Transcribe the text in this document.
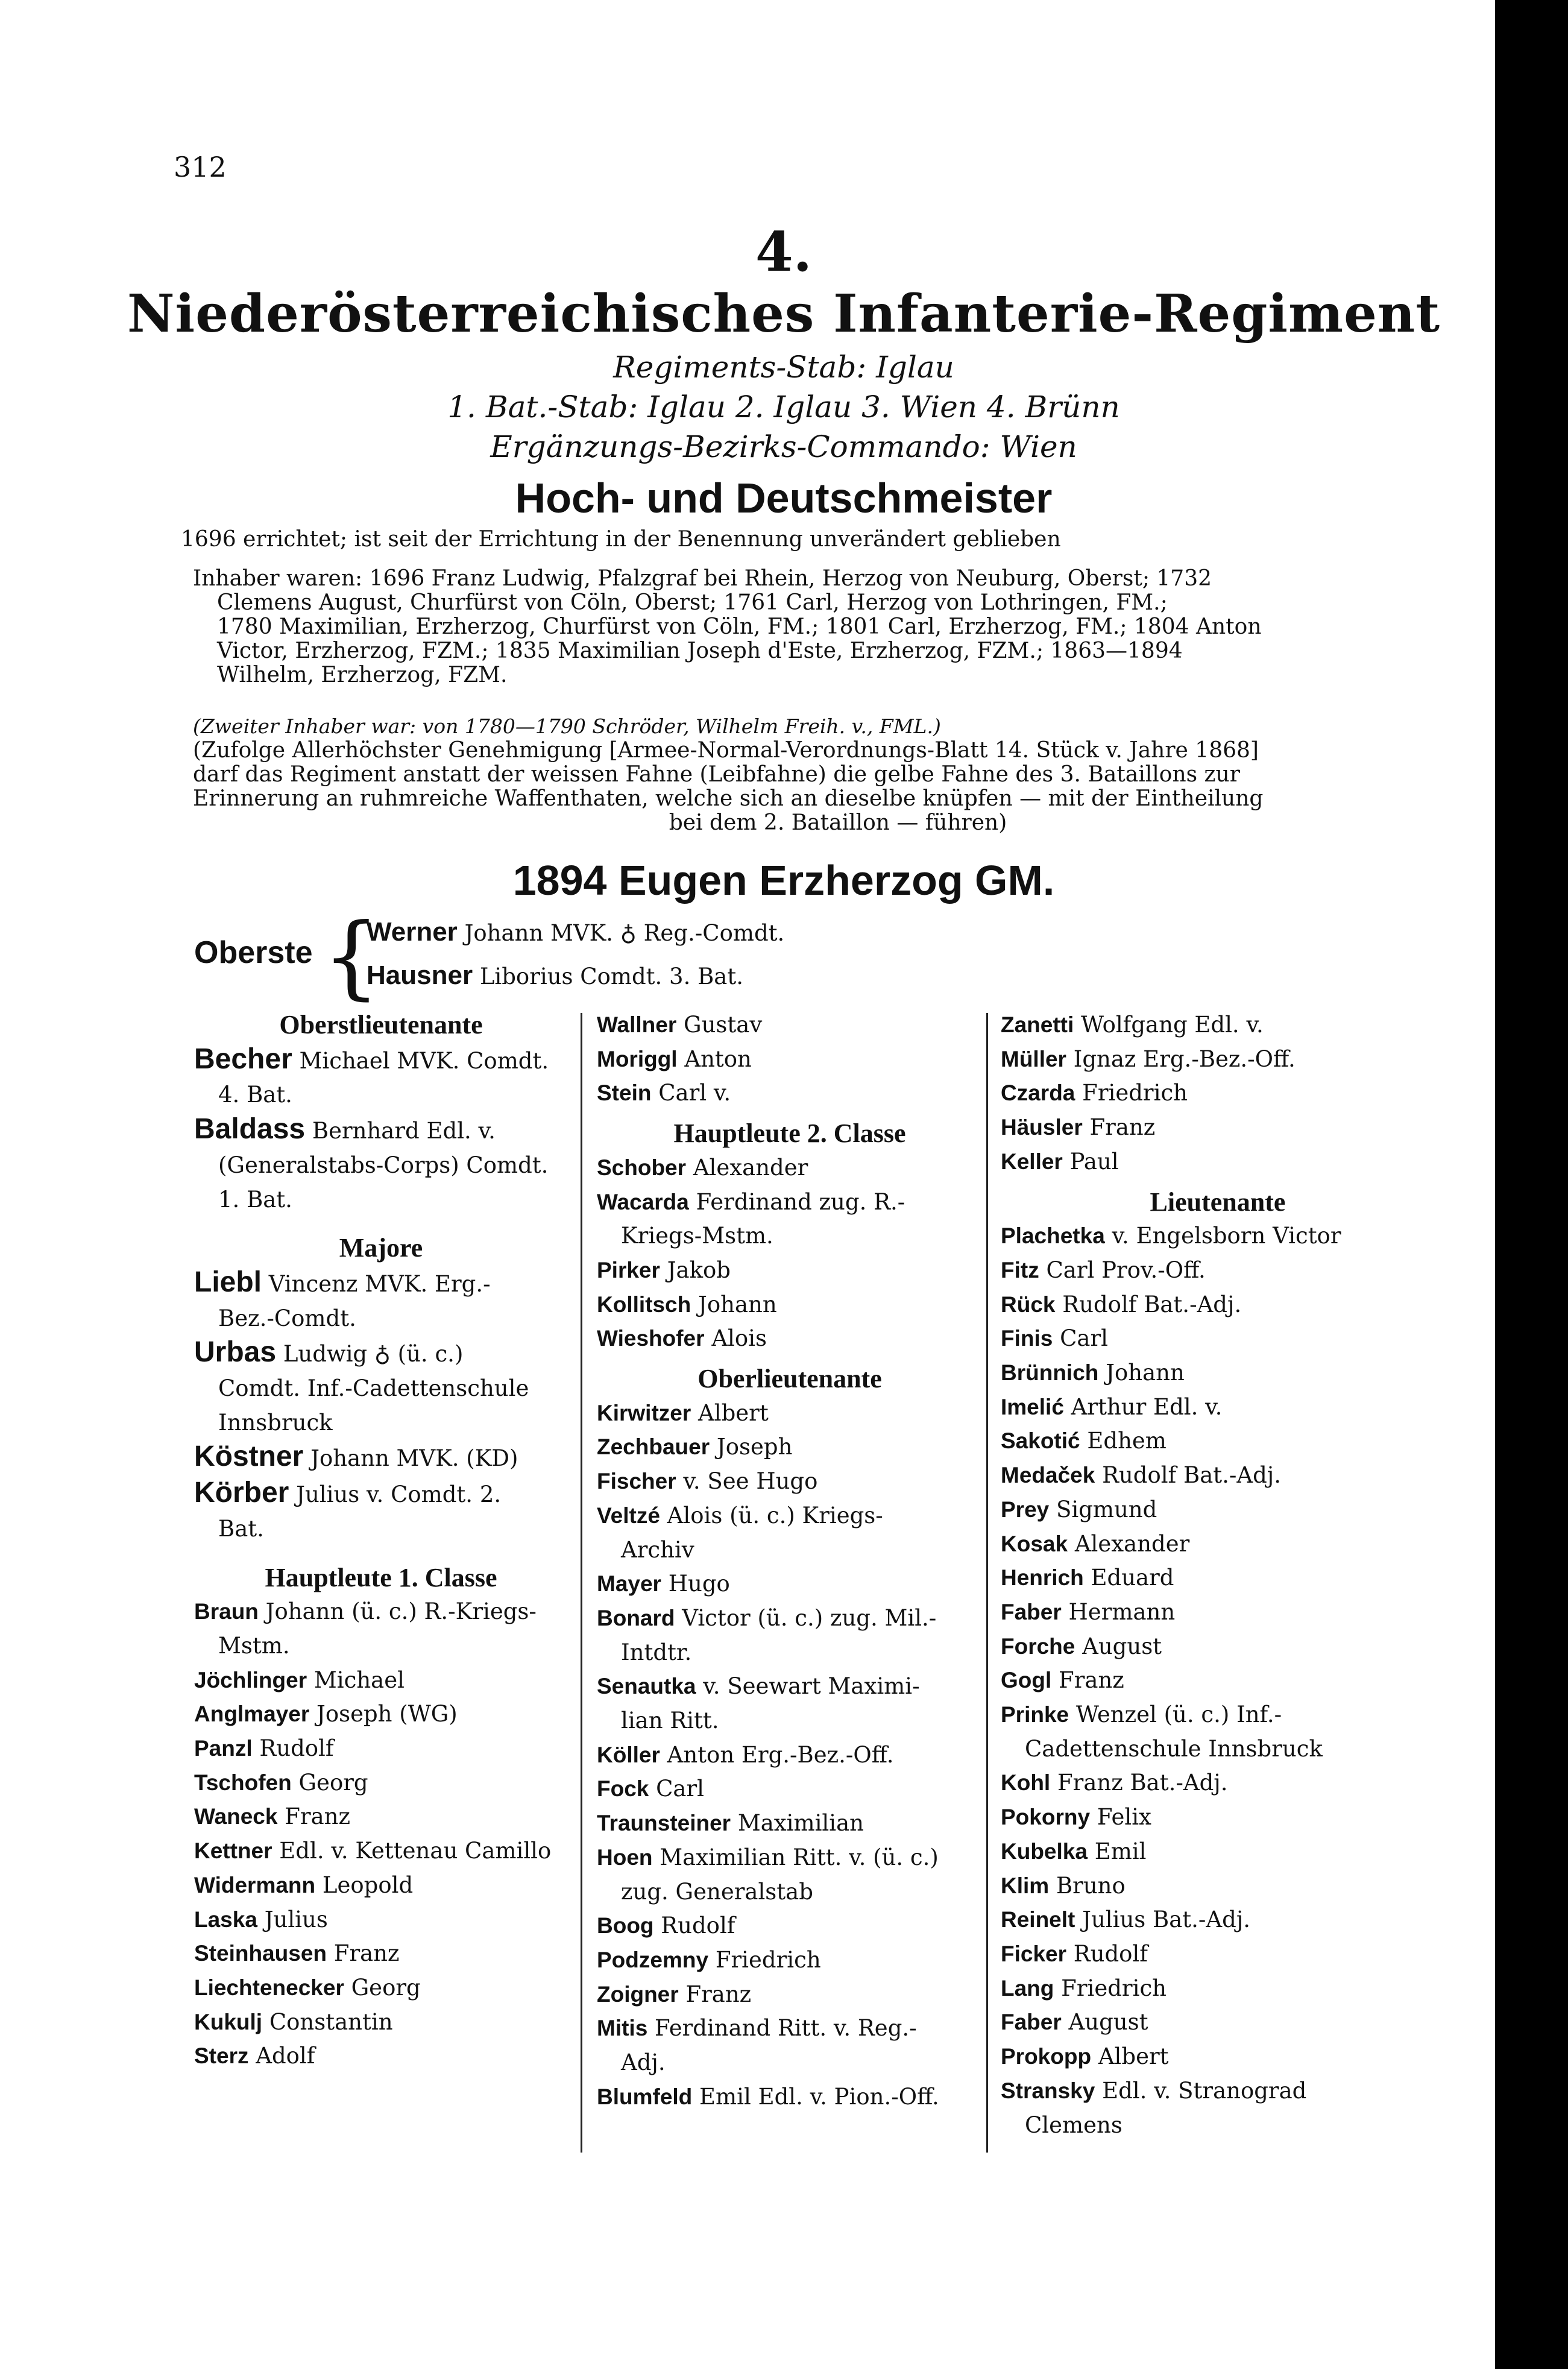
312
4.
Niederösterreichisches Infanterie-Regiment
Regiments-Stab: Iglau
1. Bat.-Stab: Iglau 2. Iglau 3. Wien 4. Brünn
Ergänzungs-Bezirks-Commando: Wien
Hoch- und Deutschmeister
1696 errichtet; ist seit der Errichtung in der Benennung unverändert geblieben
Inhaber waren: 1696 Franz Ludwig, Pfalzgraf bei Rhein, Herzog von Neuburg, Oberst; 1732
Clemens August, Churfürst von Cöln, Oberst; 1761 Carl, Herzog von Lothringen, FM.;
1780 Maximilian, Erzherzog, Churfürst von Cöln, FM.; 1801 Carl, Erzherzog, FM.; 1804 Anton
Victor, Erzherzog, FZM.; 1835 Maximilian Joseph d'Este, Erzherzog, FZM.; 1863—1894
Wilhelm, Erzherzog, FZM.
(Zweiter Inhaber war: von 1780—1790 Schröder, Wilhelm Freih. v., FML.)
(Zufolge Allerhöchster Genehmigung [Armee-Normal-Verordnungs-Blatt 14. Stück v. Jahre 1868]
darf das Regiment anstatt der weissen Fahne (Leibfahne) die gelbe Fahne des 3. Bataillons zur
Erinnerung an ruhmreiche Waffenthaten, welche sich an dieselbe knüpfen — mit der Eintheilung
bei dem 2. Bataillon — führen)
1894 Eugen Erzherzog GM.
Oberste {
Werner Johann MVK. ♁ Reg.-Comdt.
Hausner Liborius Comdt. 3. Bat.
Oberstlieutenante
Becher Michael MVK. Comdt.
4. Bat.
Baldass Bernhard Edl. v.
(Generalstabs-Corps) Comdt.
1. Bat.
Majore
Liebl Vincenz MVK. Erg.-
Bez.-Comdt.
Urbas Ludwig ♁ (ü. c.)
Comdt. Inf.-Cadettenschule
Innsbruck
Köstner Johann MVK. (KD)
Körber Julius v. Comdt. 2.
Bat.
Hauptleute 1. Classe
Braun Johann (ü. c.) R.-Kriegs-
Mstm.
Jöchlinger Michael
Anglmayer Joseph (WG)
Panzl Rudolf
Tschofen Georg
Waneck Franz
Kettner Edl. v. Kettenau Camillo
Widermann Leopold
Laska Julius
Steinhausen Franz
Liechtenecker Georg
Kukulj Constantin
Sterz Adolf
Wallner Gustav
Moriggl Anton
Stein Carl v.
Hauptleute 2. Classe
Schober Alexander
Wacarda Ferdinand zug. R.-
Kriegs-Mstm.
Pirker Jakob
Kollitsch Johann
Wieshofer Alois
Oberlieutenante
Kirwitzer Albert
Zechbauer Joseph
Fischer v. See Hugo
Veltzé Alois (ü. c.) Kriegs-
Archiv
Mayer Hugo
Bonard Victor (ü. c.) zug. Mil.-
Intdtr.
Senautka v. Seewart Maximi-
lian Ritt.
Köller Anton Erg.-Bez.-Off.
Fock Carl
Traunsteiner Maximilian
Hoen Maximilian Ritt. v. (ü. c.)
zug. Generalstab
Boog Rudolf
Podzemny Friedrich
Zoigner Franz
Mitis Ferdinand Ritt. v. Reg.-
Adj.
Blumfeld Emil Edl. v. Pion.-Off.
Zanetti Wolfgang Edl. v.
Müller Ignaz Erg.-Bez.-Off.
Czarda Friedrich
Häusler Franz
Keller Paul
Lieutenante
Plachetka v. Engelsborn Victor
Fitz Carl Prov.-Off.
Rück Rudolf Bat.-Adj.
Finis Carl
Brünnich Johann
Imelić Arthur Edl. v.
Sakotić Edhem
Medaček Rudolf Bat.-Adj.
Prey Sigmund
Kosak Alexander
Henrich Eduard
Faber Hermann
Forche August
Gogl Franz
Prinke Wenzel (ü. c.) Inf.-
Cadettenschule Innsbruck
Kohl Franz Bat.-Adj.
Pokorny Felix
Kubelka Emil
Klim Bruno
Reinelt Julius Bat.-Adj.
Ficker Rudolf
Lang Friedrich
Faber August
Prokopp Albert
Stransky Edl. v. Stranograd
Clemens
